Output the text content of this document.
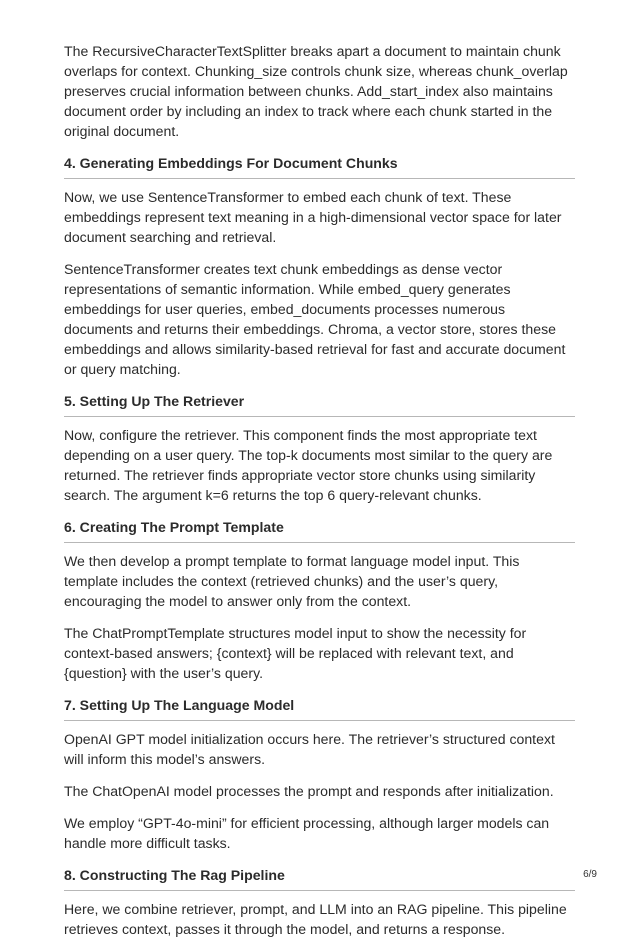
The RecursiveCharacterTextSplitter breaks apart a document to maintain chunk overlaps for context. Chunking_size controls chunk size, whereas chunk_overlap preserves crucial information between chunks. Add_start_index also maintains document order by including an index to track where each chunk started in the original document.

4. Generating Embeddings For Document Chunks

Now, we use SentenceTransformer to embed each chunk of text. These embeddings represent text meaning in a high-dimensional vector space for later document searching and retrieval.

SentenceTransformer creates text chunk embeddings as dense vector representations of semantic information. While embed_query generates embeddings for user queries, embed_documents processes numerous documents and returns their embeddings. Chroma, a vector store, stores these embeddings and allows similarity-based retrieval for fast and accurate document or query matching.

5. Setting Up The Retriever

Now, configure the retriever. This component finds the most appropriate text depending on a user query. The top-k documents most similar to the query are returned. The retriever finds appropriate vector store chunks using similarity search. The argument k=6 returns the top 6 query-relevant chunks.

6. Creating The Prompt Template

We then develop a prompt template to format language model input. This template includes the context (retrieved chunks) and the user’s query, encouraging the model to answer only from the context.

The ChatPromptTemplate structures model input to show the necessity for context-based answers; {context} will be replaced with relevant text, and {question} with the user’s query.

7. Setting Up The Language Model

OpenAI GPT model initialization occurs here. The retriever’s structured context will inform this model’s answers.

The ChatOpenAI model processes the prompt and responds after initialization.

We employ “GPT-4o-mini” for efficient processing, although larger models can handle more difficult tasks.

8. Constructing The Rag Pipeline

Here, we combine retriever, prompt, and LLM into an RAG pipeline. This pipeline retrieves context, passes it through the model, and returns a response.

6/9
